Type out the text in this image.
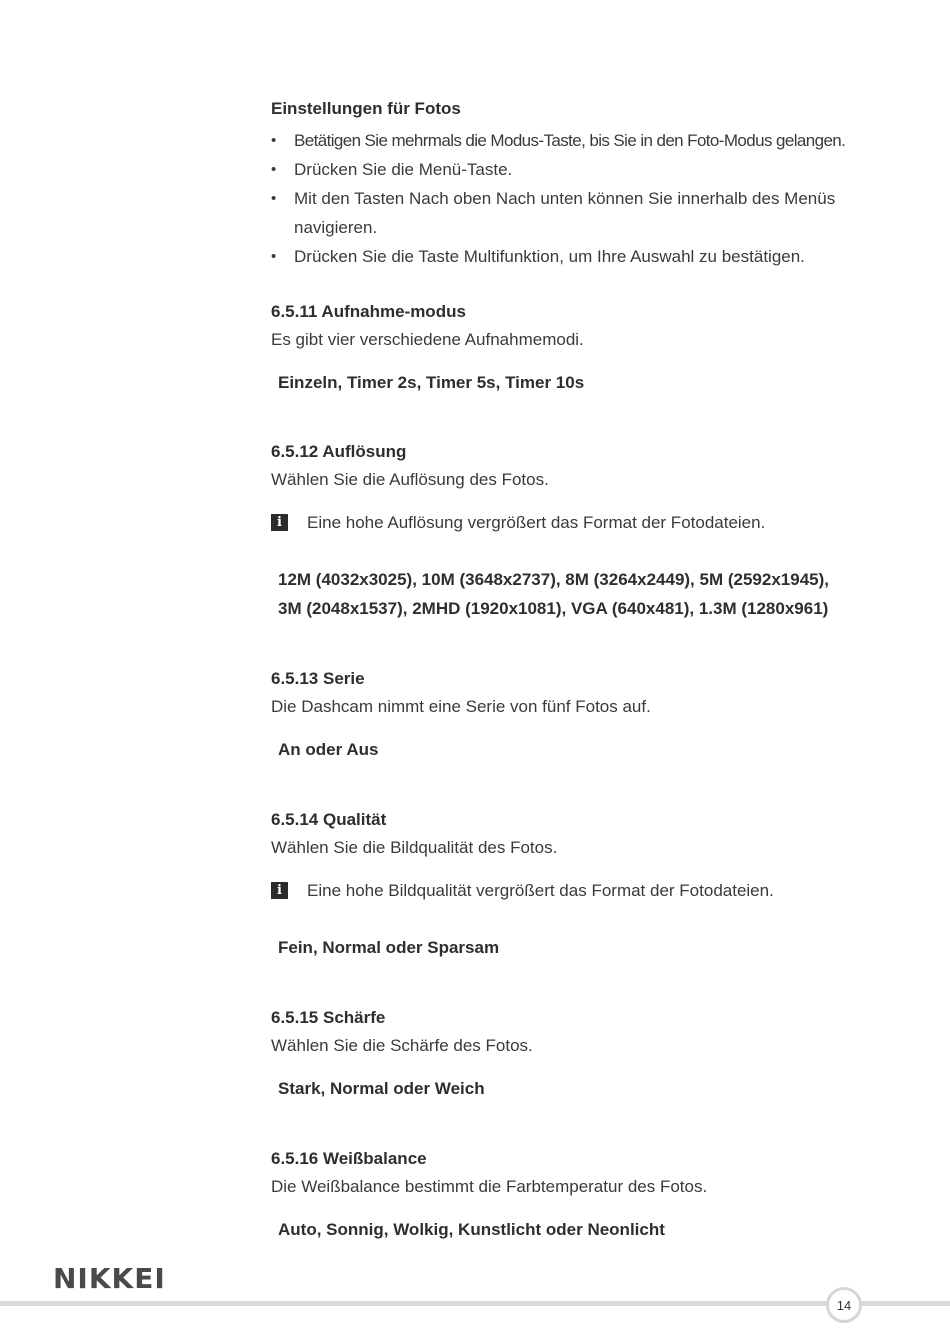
Einstellungen für Fotos

• Betätigen Sie mehrmals die Modus-Taste, bis Sie in den Foto-Modus gelangen.
• Drücken Sie die Menü-Taste.
• Mit den Tasten Nach oben Nach unten können Sie innerhalb des Menüs navigieren.
• Drücken Sie die Taste Multifunktion, um Ihre Auswahl zu bestätigen.

6.5.11 Aufnahme-modus

Es gibt vier verschiedene Aufnahmemodi.

Einzeln, Timer 2s, Timer 5s, Timer 10s

6.5.12 Auflösung

Wählen Sie die Auflösung des Fotos.

i	Eine hohe Auflösung vergrößert das Format der Fotodateien.

12M (4032x3025), 10M (3648x2737), 8M (3264x2449), 5M (2592x1945),

3M (2048x1537), 2MHD (1920x1081), VGA (640x481), 1.3M (1280x961)

6.5.13 Serie

Die Dashcam nimmt eine Serie von fünf Fotos auf.

An oder Aus

6.5.14 Qualität

Wählen Sie die Bildqualität des Fotos.

i	Eine hohe Bildqualität vergrößert das Format der Fotodateien.

Fein, Normal oder Sparsam

6.5.15 Schärfe

Wählen Sie die Schärfe des Fotos.

Stark, Normal oder Weich

6.5.16 Weißbalance

Die Weißbalance bestimmt die Farbtemperatur des Fotos.

Auto, Sonnig, Wolkig, Kunstlicht oder Neonlicht

NIKKEI
14
